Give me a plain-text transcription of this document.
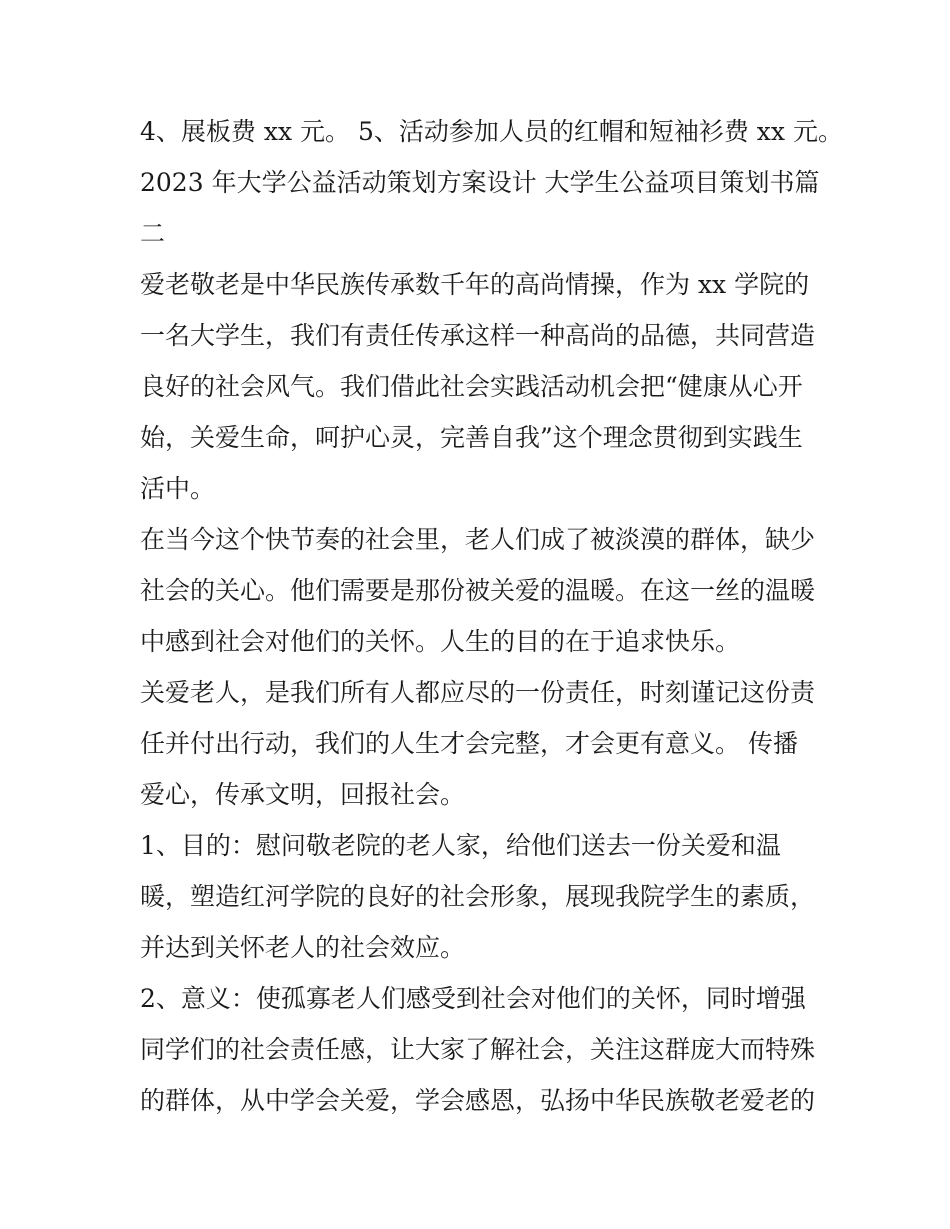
4、展板费 xx 元。 5、活动参加人员的红帽和短袖衫费 xx 元。
2023 年大学公益活动策划方案设计 大学生公益项目策划书篇
二
爱老敬老是中华民族传承数千年的高尚情操，作为 xx 学院的
一名大学生，我们有责任传承这样一种高尚的品德，共同营造
良好的社会风气。我们借此社会实践活动机会把“健康从心开
始，关爱生命，呵护心灵，完善自我”这个理念贯彻到实践生
活中。
在当今这个快节奏的社会里，老人们成了被淡漠的群体，缺少
社会的关心。他们需要是那份被关爱的温暖。在这一丝的温暖
中感到社会对他们的关怀。人生的目的在于追求快乐。
关爱老人，是我们所有人都应尽的一份责任，时刻谨记这份责
任并付出行动，我们的人生才会完整，才会更有意义。 传播
爱心，传承文明，回报社会。
1、目的：慰问敬老院的老人家，给他们送去一份关爱和温
暖，塑造红河学院的良好的社会形象，展现我院学生的素质，
并达到关怀老人的社会效应。
2、意义：使孤寡老人们感受到社会对他们的关怀，同时增强
同学们的社会责任感，让大家了解社会，关注这群庞大而特殊
的群体，从中学会关爱，学会感恩，弘扬中华民族敬老爱老的
